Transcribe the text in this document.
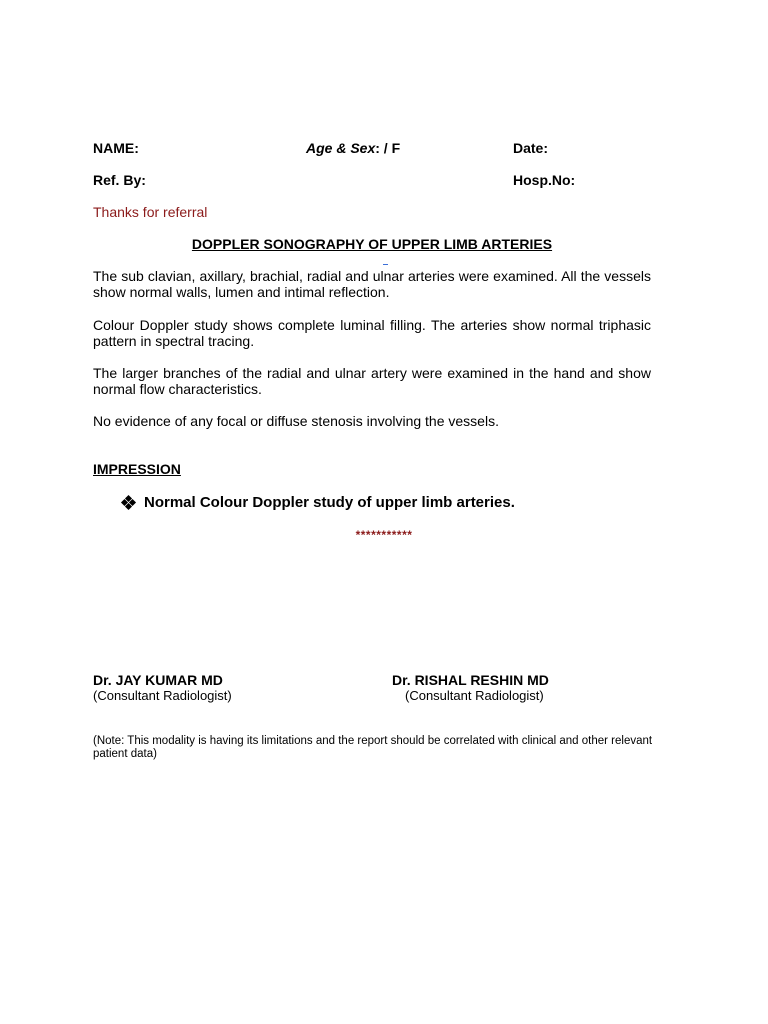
NAME:	Age & Sex: / F	Date:
Ref. By:	Hosp.No:
Thanks for referral
DOPPLER SONOGRAPHY OF UPPER LIMB ARTERIES
The sub clavian, axillary, brachial, radial and ulnar arteries were examined. All the vessels show normal walls, lumen and intimal reflection.
Colour Doppler study shows complete luminal filling. The arteries show normal triphasic pattern in spectral tracing.
The larger branches of the radial and ulnar artery were examined in the hand and show normal flow characteristics.
No evidence of any focal or diffuse stenosis involving the vessels.
IMPRESSION
Normal Colour Doppler study of upper limb arteries.
***********
Dr. JAY KUMAR MD
(Consultant Radiologist)
Dr. RISHAL RESHIN MD
(Consultant Radiologist)
(Note: This modality is having its limitations and the report should be correlated with clinical and other relevant patient data)
